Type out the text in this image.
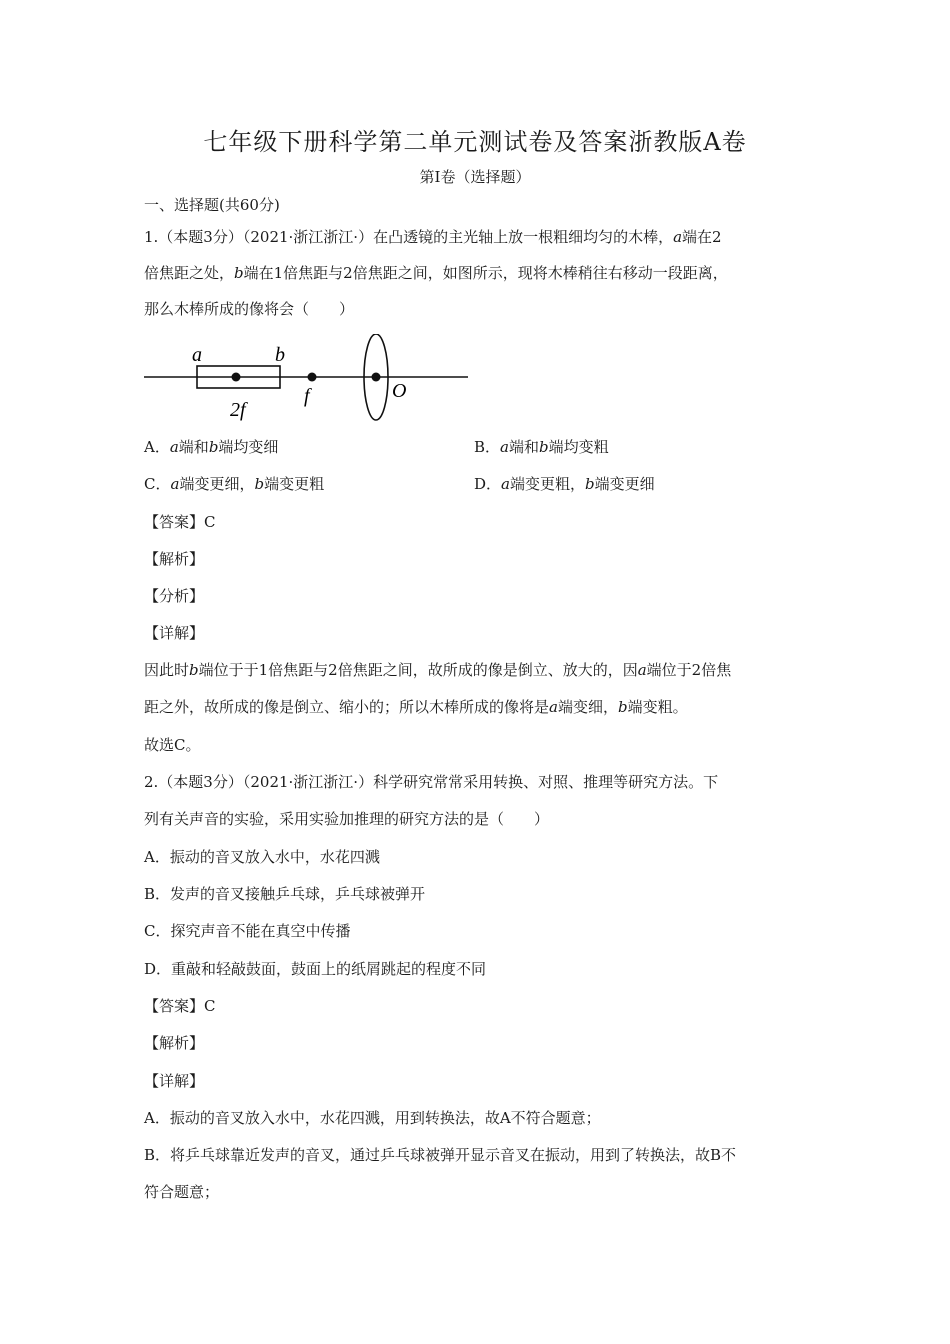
七年级下册科学第二单元测试卷及答案浙教版A卷
第I卷（选择题）
一、选择题(共60分)
1.（本题3分）（2021·浙江浙江·）在凸透镜的主光轴上放一根粗细均匀的木棒，a端在2
倍焦距之处，b端在1倍焦距与2倍焦距之间，如图所示，现将木棒稍往右移动一段距离，
那么木棒所成的像将会（　　）
a	b
2f
f	O
A．a端和b端均变细	B．a端和b端均变粗
C．a端变更细，b端变更粗	D．a端变更粗，b端变更细
【答案】C
【解析】
【分析】
【详解】
因此时b端位于于1倍焦距与2倍焦距之间，故所成的像是倒立、放大的，因a端位于2倍焦
距之外，故所成的像是倒立、缩小的；所以木棒所成的像将是a端变细，b端变粗。
故选C。
2.（本题3分）（2021·浙江浙江·）科学研究常常采用转换、对照、推理等研究方法。下
列有关声音的实验，采用实验加推理的研究方法的是（　　）
A．振动的音叉放入水中，水花四溅
B．发声的音叉接触乒乓球，乒乓球被弹开
C．探究声音不能在真空中传播
D．重敲和轻敲鼓面，鼓面上的纸屑跳起的程度不同
【答案】C
【解析】
【详解】
A．振动的音叉放入水中，水花四溅，用到转换法，故A不符合题意；
B．将乒乓球靠近发声的音叉，通过乒乓球被弹开显示音叉在振动，用到了转换法，故B不
符合题意；
